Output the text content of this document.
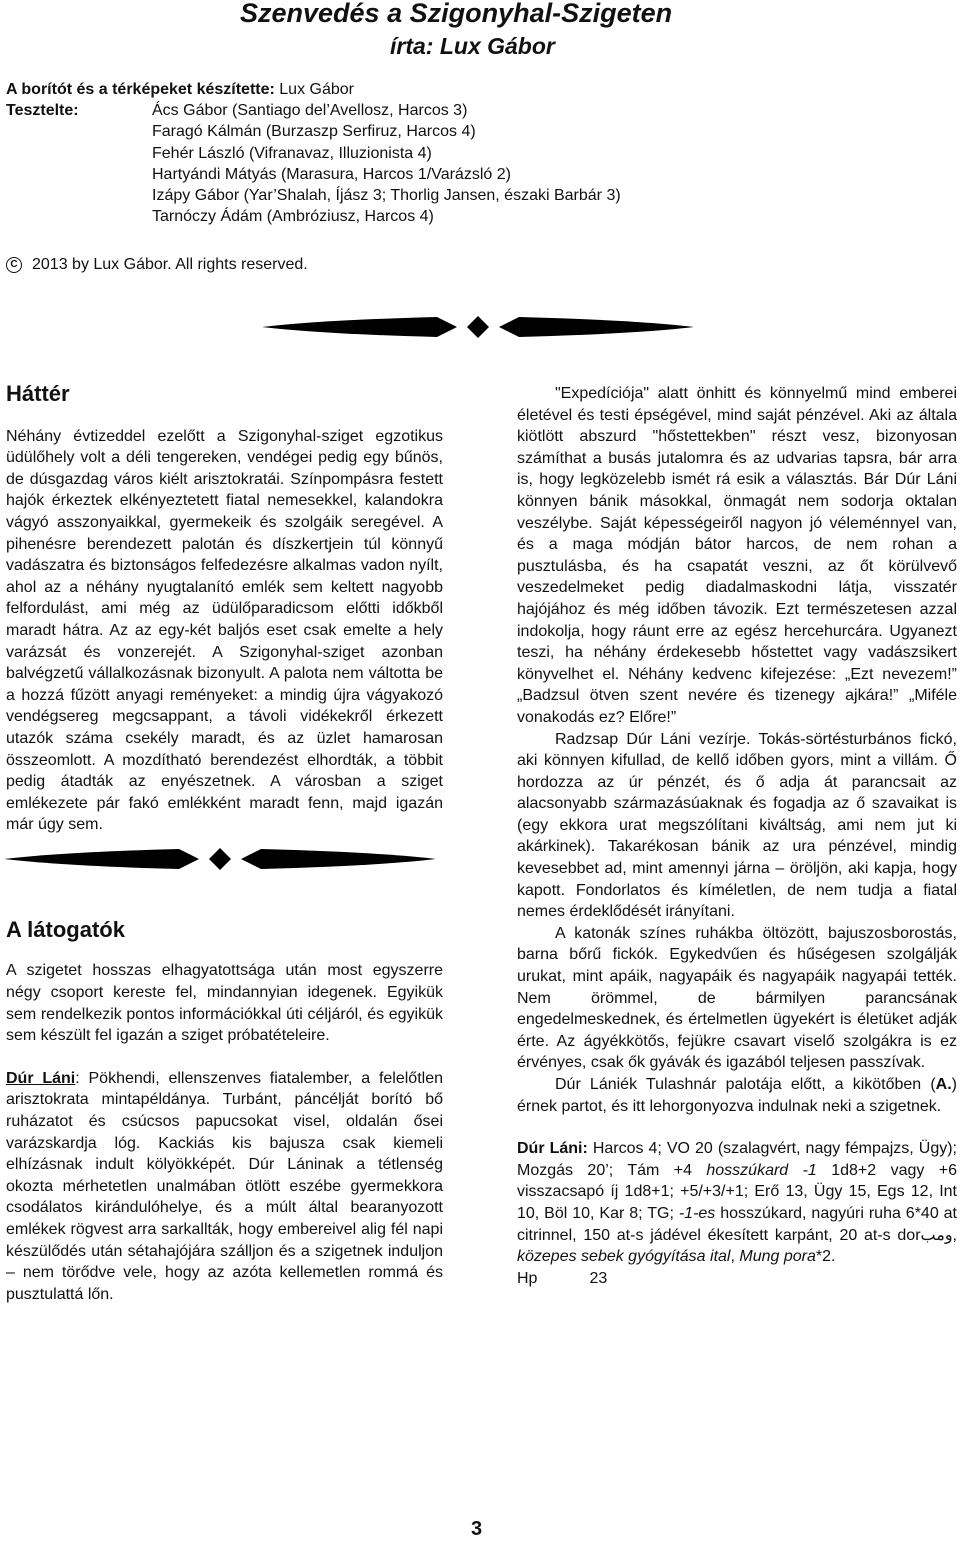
Szenvedés a Szigonyhal-Szigeten
írta: Lux Gábor
A borítót és a térképeket készítette: Lux Gábor
Tesztelte:	Ács Gábor (Santiago del’Avellosz, Harcos 3)
Faragó Kálmán (Burzaszp Serfiruz, Harcos 4)
Fehér László (Vifranavaz, Illuzionista 4)
Hartyándi Mátyás (Marasura, Harcos 1/Varázsló 2)
Izápy Gábor (Yar’Shalah, Íjász 3; Thorlig Jansen, északi Barbár 3)
Tarnóczy Ádám (Ambróziusz, Harcos 4)
C 2013 by Lux Gábor. All rights reserved.
Háttér

Néhány évtizeddel ezelőtt a Szigonyhal-sziget egzotikus üdülőhely volt a déli tengereken, vendégei pedig egy bűnös, de dúsgazdag város kiélt arisztokratái. Színpompásra festett hajók érkeztek elkényeztetett fiatal nemesekkel, kalandokra vágyó asszonyaikkal, gyermekeik és szolgáik seregével. A pihenésre berendezett palotán és díszkertjein túl könnyű vadászatra és biztonságos felfedezésre alkalmas vadon nyílt, ahol az a néhány nyugtalanító emlék sem keltett nagyobb felfordulást, ami még az üdülőparadicsom előtti időkből maradt hátra. Az az egy-két baljós eset csak emelte a hely varázsát és vonzerejét. A Szigonyhal-sziget azonban balvégzetű vállalkozásnak bizonyult. A palota nem váltotta be a hozzá fűzött anyagi reményeket: a mindig újra vágyakozó vendégsereg megcsappant, a távoli vidékekről érkezett utazók száma csekély maradt, és az üzlet hamarosan összeomlott. A mozdítható berendezést elhordták, a többit pedig átadták az enyészetnek. A városban a sziget emlékezete pár fakó emlékként maradt fenn, majd igazán már úgy sem.

A látogatók

A szigetet hosszas elhagyatottsága után most egyszerre négy csoport kereste fel, mindannyian idegenek. Egyikük sem rendelkezik pontos információkkal úti céljáról, és egyikük sem készült fel igazán a sziget próbatételeire.

Dúr Láni: Pökhendi, ellenszenves fiatalember, a felelőtlen arisztokrata mintapéldánya. Turbánt, páncélját borító bő ruházatot és csúcsos papucsokat visel, oldalán ősei varázskardja lóg. Kackiás kis bajusza csak kiemeli elhízásnak indult kölyökképét. Dúr Láninak a tétlenség okozta mérhetetlen unalmában ötlött eszébe gyermekkora csodálatos kirándulóhelye, és a múlt által bearanyozott emlékek rögvest arra sarkallták, hogy embereivel alig fél napi készülődés után sétahajójára szálljon és a szigetnek induljon – nem törődve vele, hogy az azóta kellemetlen rommá és pusztulattá lőn.

"Expedíciója" alatt önhitt és könnyelmű mind emberei életével és testi épségével, mind saját pénzével. Aki az általa kiötlött abszurd "hőstettekben" részt vesz, bizonyosan számíthat a busás jutalomra és az udvarias tapsra, bár arra is, hogy legközelebb ismét rá esik a választás. Bár Dúr Láni könnyen bánik másokkal, önmagát nem sodorja oktalan veszélybe. Saját képességeiről nagyon jó véleménnyel van, és a maga módján bátor harcos, de nem rohan a pusztulásba, és ha csapatát veszni, az őt körülvevő veszedelmeket pedig diadalmaskodni látja, visszatér hajójához és még időben távozik. Ezt természetesen azzal indokolja, hogy ráunt erre az egész hercehurcára. Ugyanezt teszi, ha néhány érdekesebb hőstettet vagy vadászsikert könyvelhet el. Néhány kedvenc kifejezése: „Ezt nevezem!” „Badzsul ötven szent nevére és tizenegy ajkára!” „Miféle vonakodás ez? Előre!”

Radzsap Dúr Láni vezírje. Tokás-sörtésturbános fickó, aki könnyen kifullad, de kellő időben gyors, mint a villám. Ő hordozza az úr pénzét, és ő adja át parancsait az alacsonyabb származásúaknak és fogadja az ő szavaikat is (egy ekkora urat megszólítani kiváltság, ami nem jut ki akárkinek). Takarékosan bánik az ura pénzével, mindig kevesebbet ad, mint amennyi járna – öröljön, aki kapja, hogy kapott. Fondorlatos és kíméletlen, de nem tudja a fiatal nemes érdeklődését irányítani.

A katonák színes ruhákba öltözött, bajuszosborostás, barna bőrű fickók. Egykedvűen és hűségesen szolgálják urukat, mint apáik, nagyapáik és nagyapáik nagyapái tették. Nem örömmel, de bármilyen parancsának engedelmeskednek, és értelmetlen ügyekért is életüket adják érte. Az ágyékkötős, fejükre csavart viselő szolgákra is ez érvényes, csak ők gyávák és igazából teljesen passzívak.

Dúr Lániék Tulashnár palotája előtt, a kikötőben (A.) érnek partot, és itt lehorgonyozva indulnak neki a szigetnek.

Dúr Láni: Harcos 4; VO 20 (szalagvért, nagy fémpajzs, Ügy); Mozgás 20’; Tám +4 hosszúkard -1 1d8+2 vagy +6 visszacsapó íj 1d8+1; +5/+3/+1; Erő 13, Ügy 15, Egs 12, Int 10, Böl 10, Kar 8; TG; -1-es hosszúkard, nagyúri ruha 6*40 at citrinnel, 150 at-s jádével ékesített karpánt, 20 at-s dorومب, közepes sebek gyógyítása ital, Mung pora*2.

Hp	23

3
